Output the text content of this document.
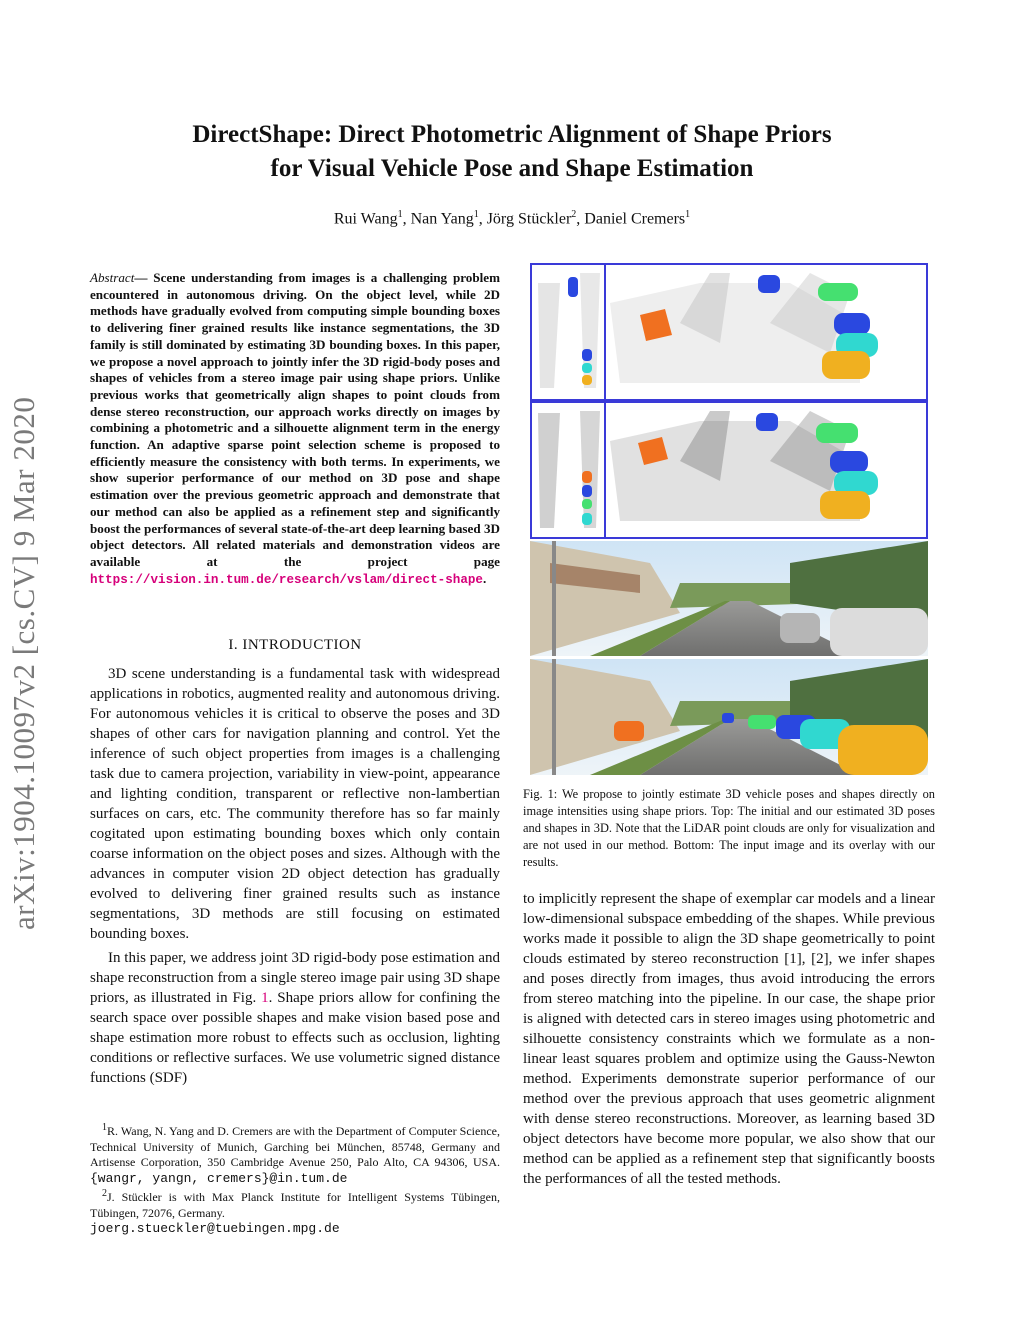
DirectShape: Direct Photometric Alignment of Shape Priors
for Visual Vehicle Pose and Shape Estimation
Rui Wang$^1$, Nan Yang$^1$, Jörg Stückler$^2$, Daniel Cremers$^1$
arXiv:1904.10097v2 [cs.CV] 9 Mar 2020
Abstract— Scene understanding from images is a challenging problem encountered in autonomous driving. On the object level, while 2D methods have gradually evolved from computing simple bounding boxes to delivering finer grained results like instance segmentations, the 3D family is still dominated by estimating 3D bounding boxes. In this paper, we propose a novel approach to jointly infer the 3D rigid-body poses and shapes of vehicles from a stereo image pair using shape priors. Unlike previous works that geometrically align shapes to point clouds from dense stereo reconstruction, our approach works directly on images by combining a photometric and a silhouette alignment term in the energy function. An adaptive sparse point selection scheme is proposed to efficiently measure the consistency with both terms. In experiments, we show superior performance of our method on 3D pose and shape estimation over the previous geometric approach and demonstrate that our method can also be applied as a refinement step and significantly boost the performances of several state-of-the-art deep learning based 3D object detectors. All related materials and demonstration videos are available at the project page https://vision.in.tum.de/research/vslam/direct-shape.
I. INTRODUCTION

3D scene understanding is a fundamental task with widespread applications in robotics, augmented reality and autonomous driving. For autonomous vehicles it is critical to observe the poses and 3D shapes of other cars for navigation planning and control. Yet the inference of such object properties from images is a challenging task due to camera projection, variability in view-point, appearance and lighting condition, transparent or reflective non-lambertian surfaces on cars, etc. The community therefore has so far mainly cogitated upon estimating bounding boxes which only contain coarse information on the object poses and sizes. Although with the advances in computer vision 2D object detection has gradually evolved to delivering finer grained results such as instance segmentations, 3D methods are still focusing on estimated bounding boxes.

In this paper, we address joint 3D rigid-body pose estimation and shape reconstruction from a single stereo image pair using 3D shape priors, as illustrated in Fig. 1. Shape priors allow for confining the search space over possible shapes and make vision based pose and shape estimation more robust to effects such as occlusion, lighting conditions or reflective surfaces. We use volumetric signed distance functions (SDF)

$^1$R. Wang, N. Yang and D. Cremers are with the Department of Computer Science, Technical University of Munich, Garching bei München, 85748, Germany and Artisense Corporation, 350 Cambridge Avenue 250, Palo Alto, CA 94306, USA. {wangr, yangn, cremers}@in.tum.de

$^2$J. Stückler is with Max Planck Institute for Intelligent Systems Tübingen, Tübingen, 72076, Germany.

joerg.stueckler@tuebingen.mpg.de
Fig. 1: We propose to jointly estimate 3D vehicle poses and shapes directly on image intensities using shape priors. Top: The initial and our estimated 3D poses and shapes in 3D. Note that the LiDAR point clouds are only for visualization and are not used in our method. Bottom: The input image and its overlay with our results.

to implicitly represent the shape of exemplar car models and a linear low-dimensional subspace embedding of the shapes. While previous works made it possible to align the 3D shape geometrically to point clouds estimated by stereo reconstruction [1], [2], we infer shapes and poses directly from images, thus avoid introducing the errors from stereo matching into the pipeline. In our case, the shape prior is aligned with detected cars in stereo images using photometric and silhouette consistency constraints which we formulate as a non-linear least squares problem and optimize using the Gauss-Newton method. Experiments demonstrate superior performance of our method over the previous approach that uses geometric alignment with dense stereo reconstructions. Moreover, as learning based 3D object detectors have become more popular, we also show that our method can be applied as a refinement step that significantly boosts the performances of all the tested methods.
